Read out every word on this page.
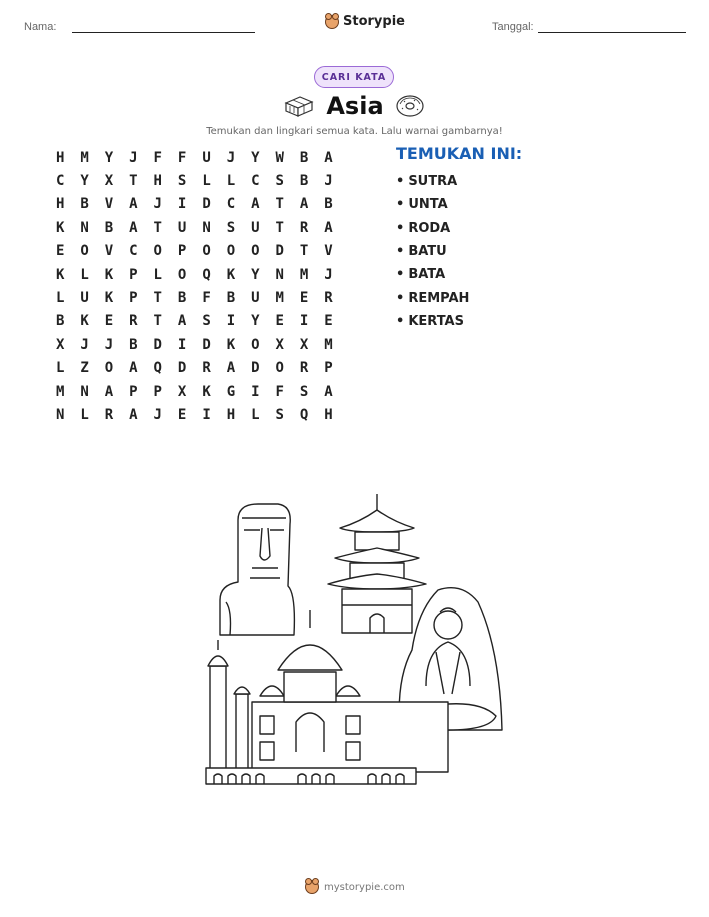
Nama:	Storypie	Tanggal:
CARI KATA
Asia
Temukan dan lingkari semua kata. Lalu warnai gambarnya!
H	M	Y	J	F	F	U	J	Y	W	B	A
C	Y	X	T	H	S	L	L	C	S	B	J
H	B	V	A	J	I	D	C	A	T	A	B
K	N	B	A	T	U	N	S	U	T	R	A
E	O	V	C	O	P	O	O	O	D	T	V
K	L	K	P	L	O	Q	K	Y	N	M	J
L	U	K	P	T	B	F	B	U	M	E	R
B	K	E	R	T	A	S	I	Y	E	I	E
X	J	J	B	D	I	D	K	O	X	X	M
L	Z	O	A	Q	D	R	A	D	O	R	P
M	N	A	P	P	X	K	G	I	F	S	A
N	L	R	A	J	E	I	H	L	S	Q	H
TEMUKAN INI:
• SUTRA
• UNTA
• RODA
• BATU
• BATA
• REMPAH
• KERTAS
mystorypie.com
